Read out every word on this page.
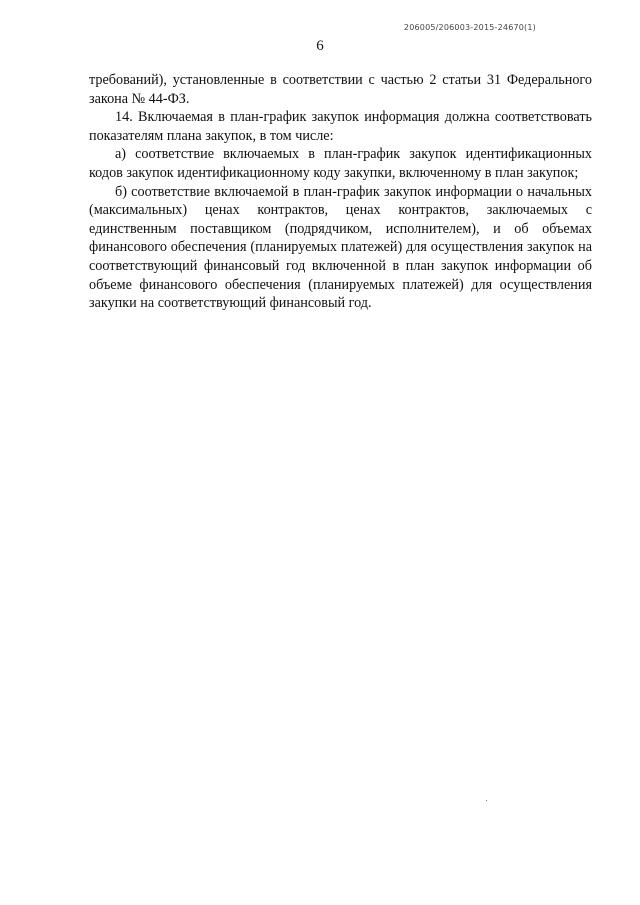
206005/206003-2015-24670(1)
6

требований), установленные в соответствии с частью 2 статьи 31 Федерального закона № 44-ФЗ.

14. Включаемая в план-график закупок информация должна соответствовать показателям плана закупок, в том числе:

а) соответствие включаемых в план-график закупок идентификационных кодов закупок идентификационному коду закупки, включенному в план закупок;

б) соответствие включаемой в план-график закупок информации о начальных (максимальных) ценах контрактов, ценах контрактов, заключаемых с единственным поставщиком (подрядчиком, исполнителем), и об объемах финансового обеспечения (планируемых платежей) для осуществления закупок на соответствующий финансовый год включенной в план закупок информации об объеме финансового обеспечения (планируемых платежей) для осуществления закупки на соответствующий финансовый год.
